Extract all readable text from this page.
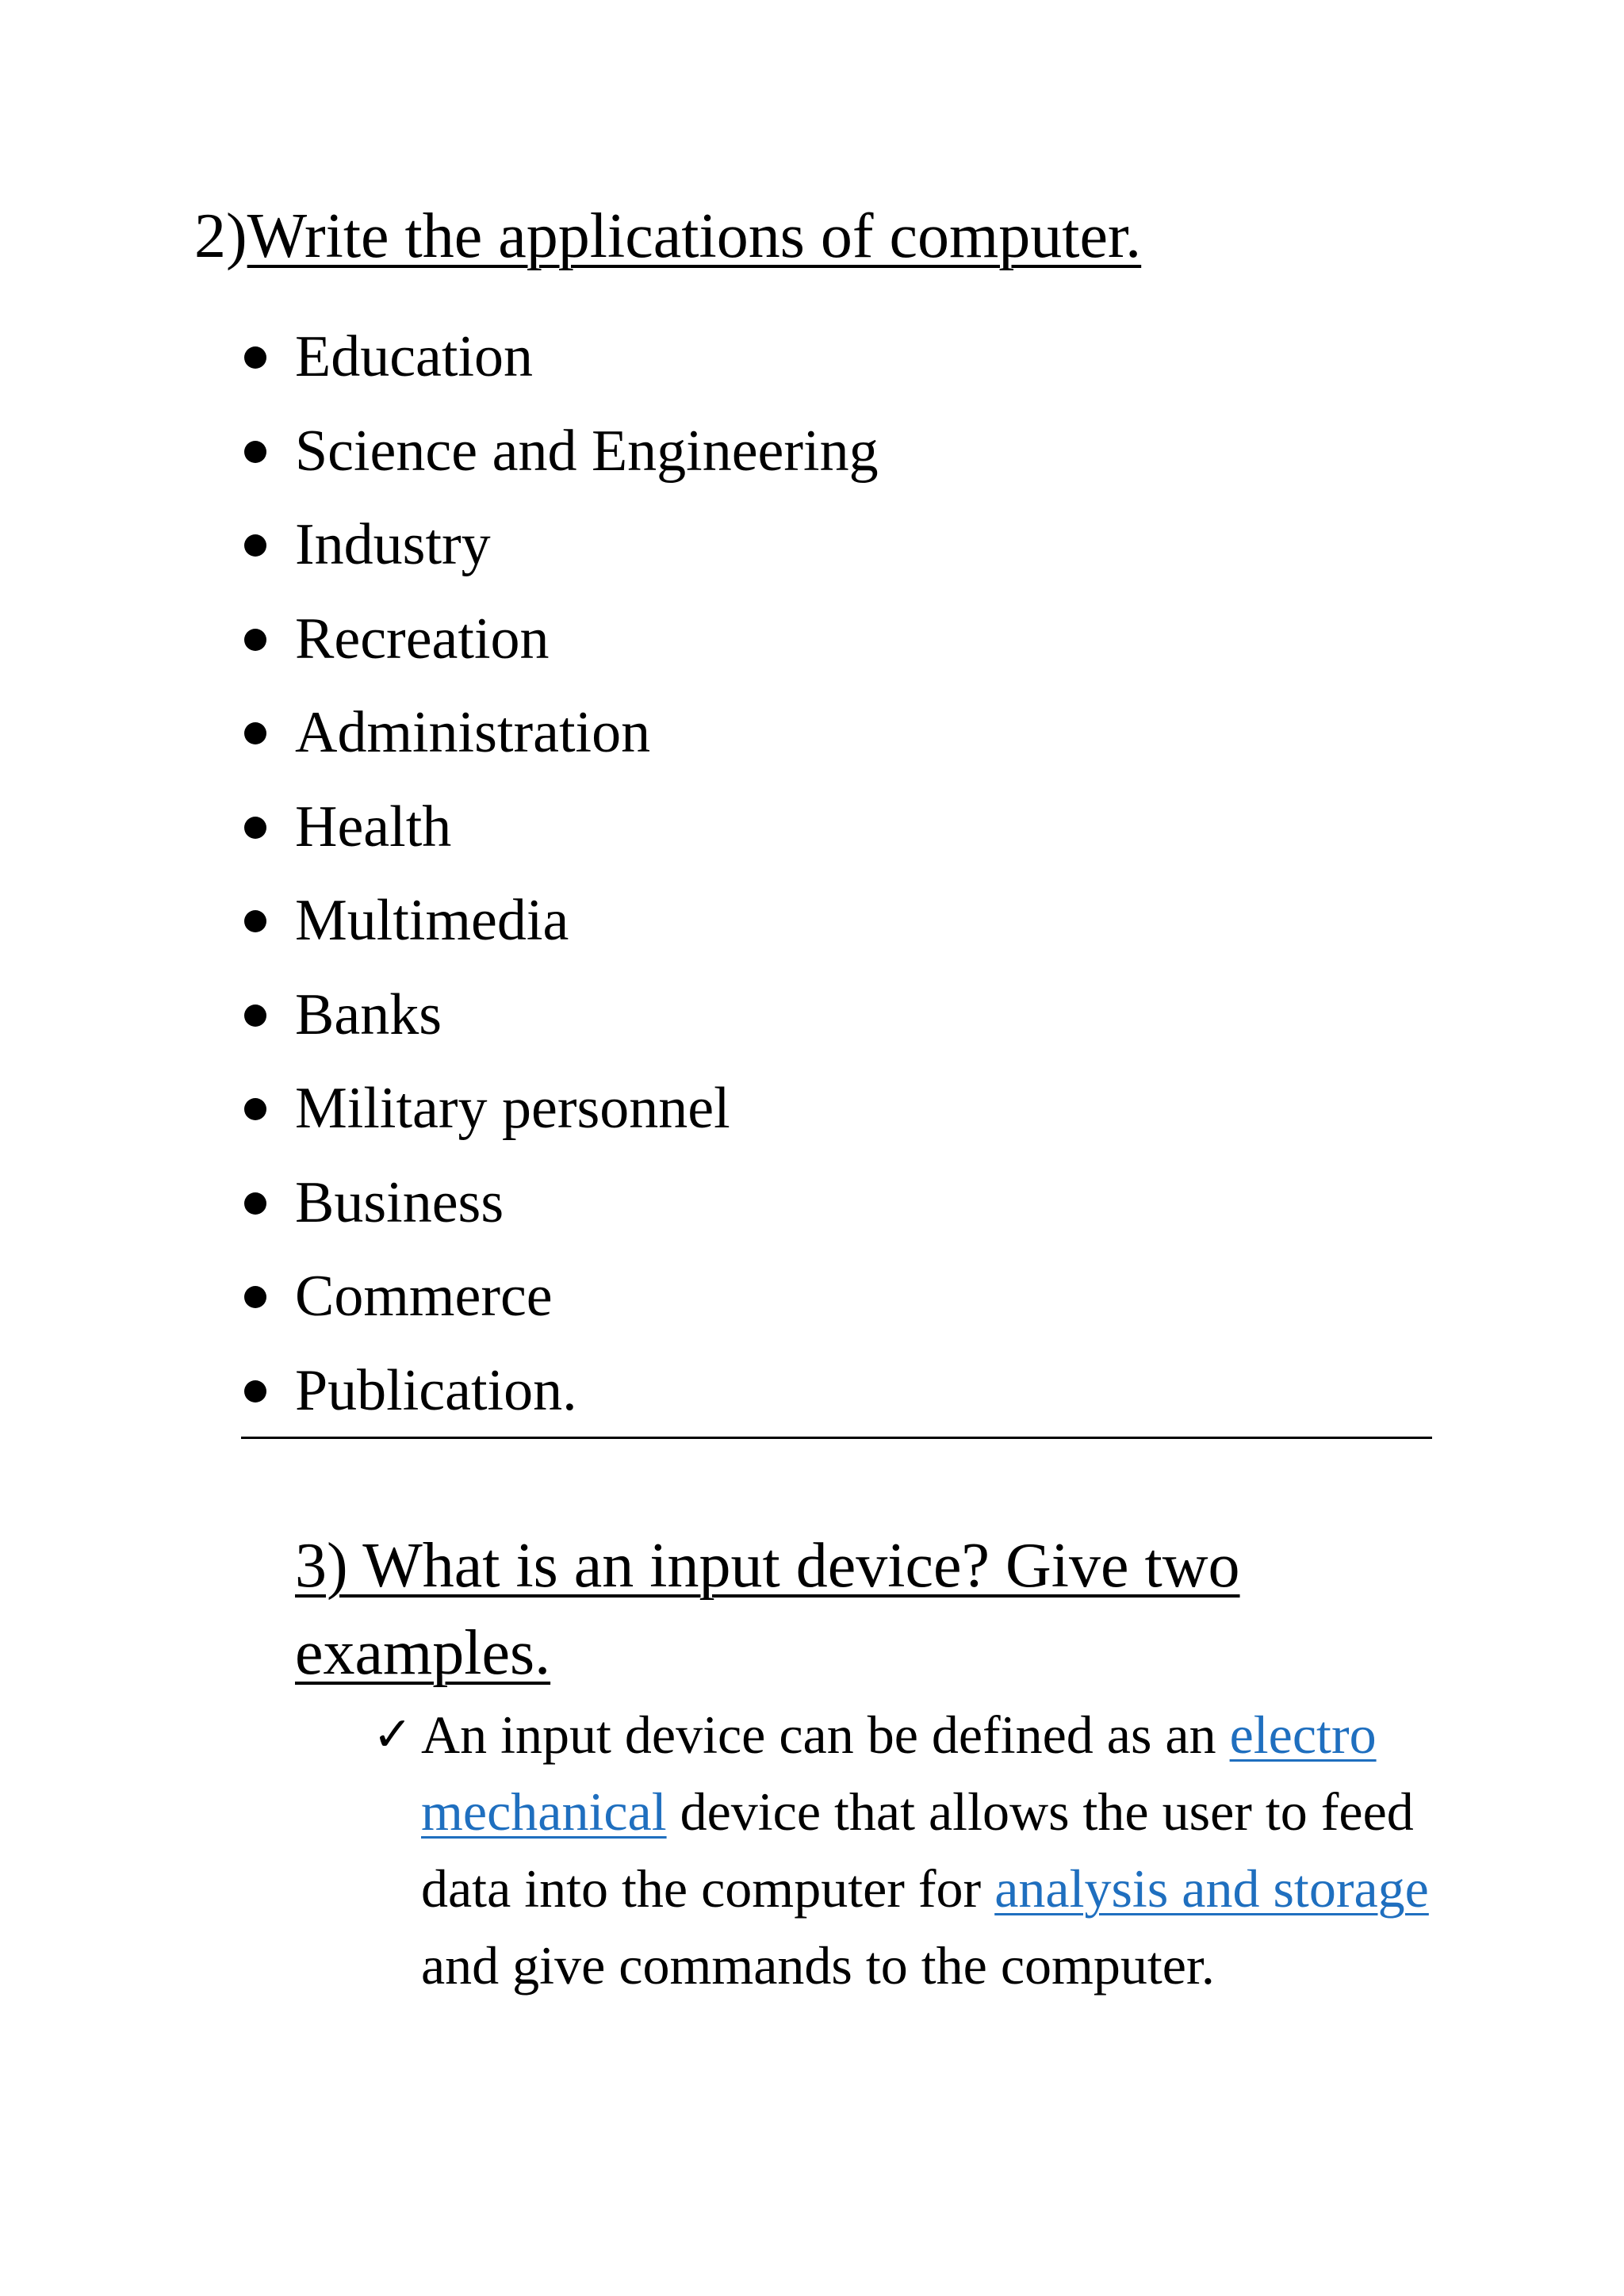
2)Write the applications of computer.
Education
Science and Engineering
Industry
Recreation
Administration
Health
Multimedia
Banks
Military personnel
Business
Commerce
Publication.
3) What is an input device? Give two examples.
✓ An input device can be defined as an electro mechanical device that allows the user to feed data into the computer for analysis and storage and give commands to the computer.
